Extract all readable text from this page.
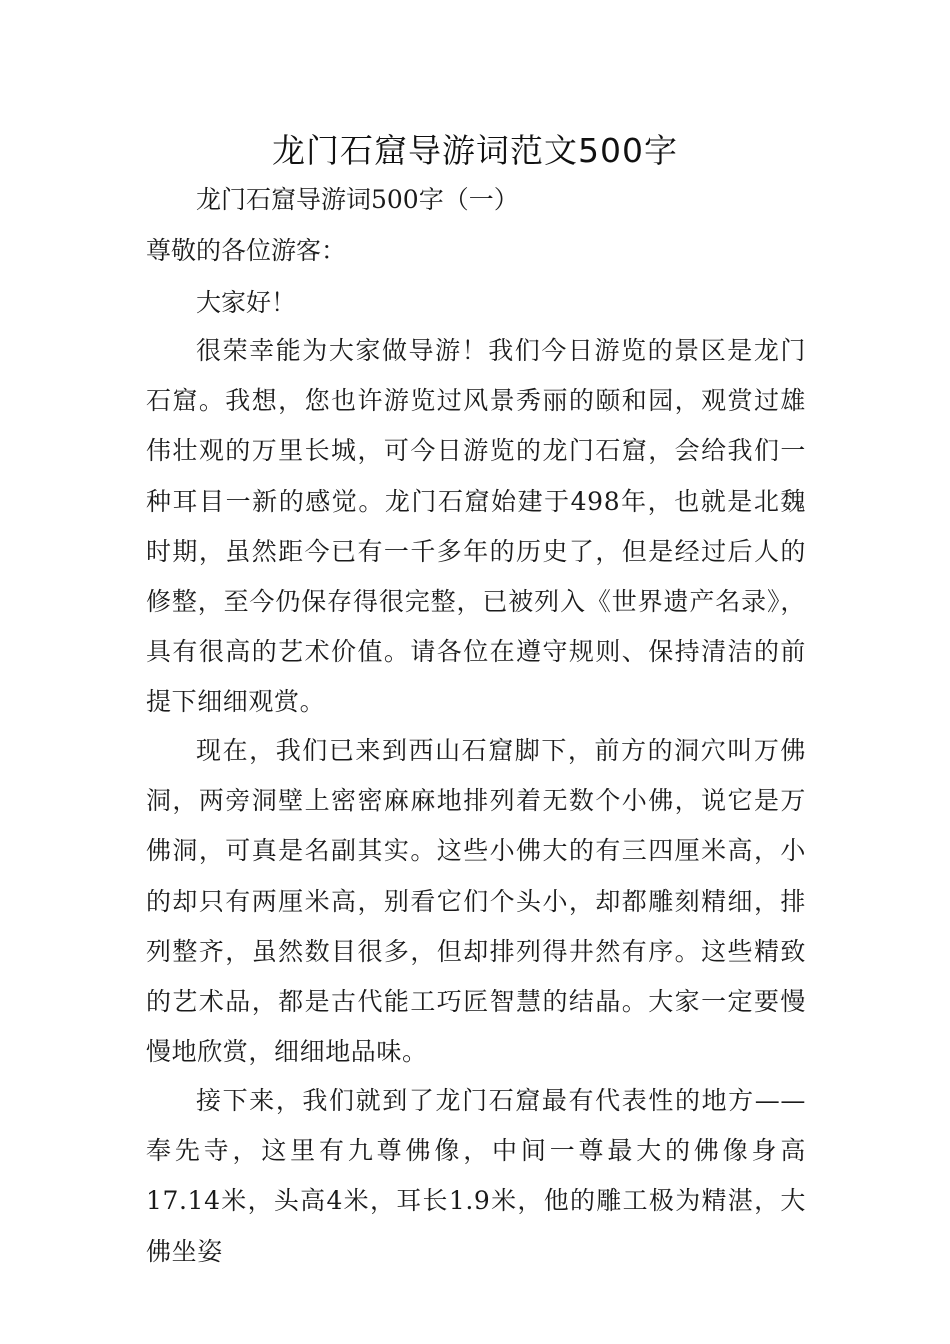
龙门石窟导游词范文500字
龙门石窟导游词500字（一）
尊敬的各位游客：
大家好！
很荣幸能为大家做导游！我们今日游览的景区是龙门石窟。我想，您也许游览过风景秀丽的颐和园，观赏过雄伟壮观的万里长城，可今日游览的龙门石窟，会给我们一种耳目一新的感觉。龙门石窟始建于498年，也就是北魏时期，虽然距今已有一千多年的历史了，但是经过后人的修整，至今仍保存得很完整，已被列入《世界遗产名录》，具有很高的艺术价值。请各位在遵守规则、保持清洁的前提下细细观赏。
现在，我们已来到西山石窟脚下，前方的洞穴叫万佛洞，两旁洞壁上密密麻麻地排列着无数个小佛，说它是万佛洞，可真是名副其实。这些小佛大的有三四厘米高，小的却只有两厘米高，别看它们个头小，却都雕刻精细，排列整齐，虽然数目很多，但却排列得井然有序。这些精致的艺术品，都是古代能工巧匠智慧的结晶。大家一定要慢慢地欣赏，细细地品味。
接下来，我们就到了龙门石窟最有代表性的地方——奉先寺，这里有九尊佛像，中间一尊最大的佛像身高17.14米，头高4米，耳长1.9米，他的雕工极为精湛，大佛坐姿
